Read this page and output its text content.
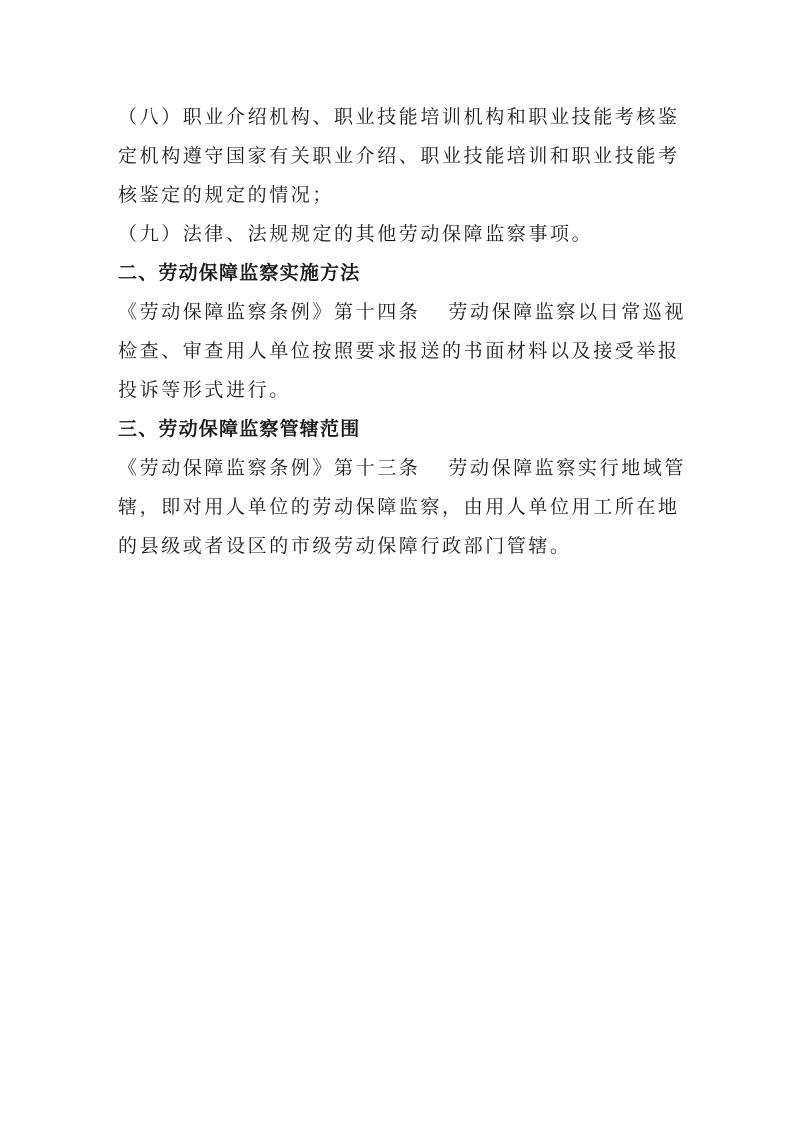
（八）职业介绍机构、职业技能培训机构和职业技能考核鉴
定机构遵守国家有关职业介绍、职业技能培训和职业技能考
核鉴定的规定的情况；
（九）法律、法规规定的其他劳动保障监察事项。
二、劳动保障监察实施方法
《劳动保障监察条例》第十四条 劳动保障监察以日常巡视
检查、审查用人单位按照要求报送的书面材料以及接受举报
投诉等形式进行。
三、劳动保障监察管辖范围
《劳动保障监察条例》第十三条 劳动保障监察实行地域管
辖，即对用人单位的劳动保障监察，由用人单位用工所在地
的县级或者设区的市级劳动保障行政部门管辖。
